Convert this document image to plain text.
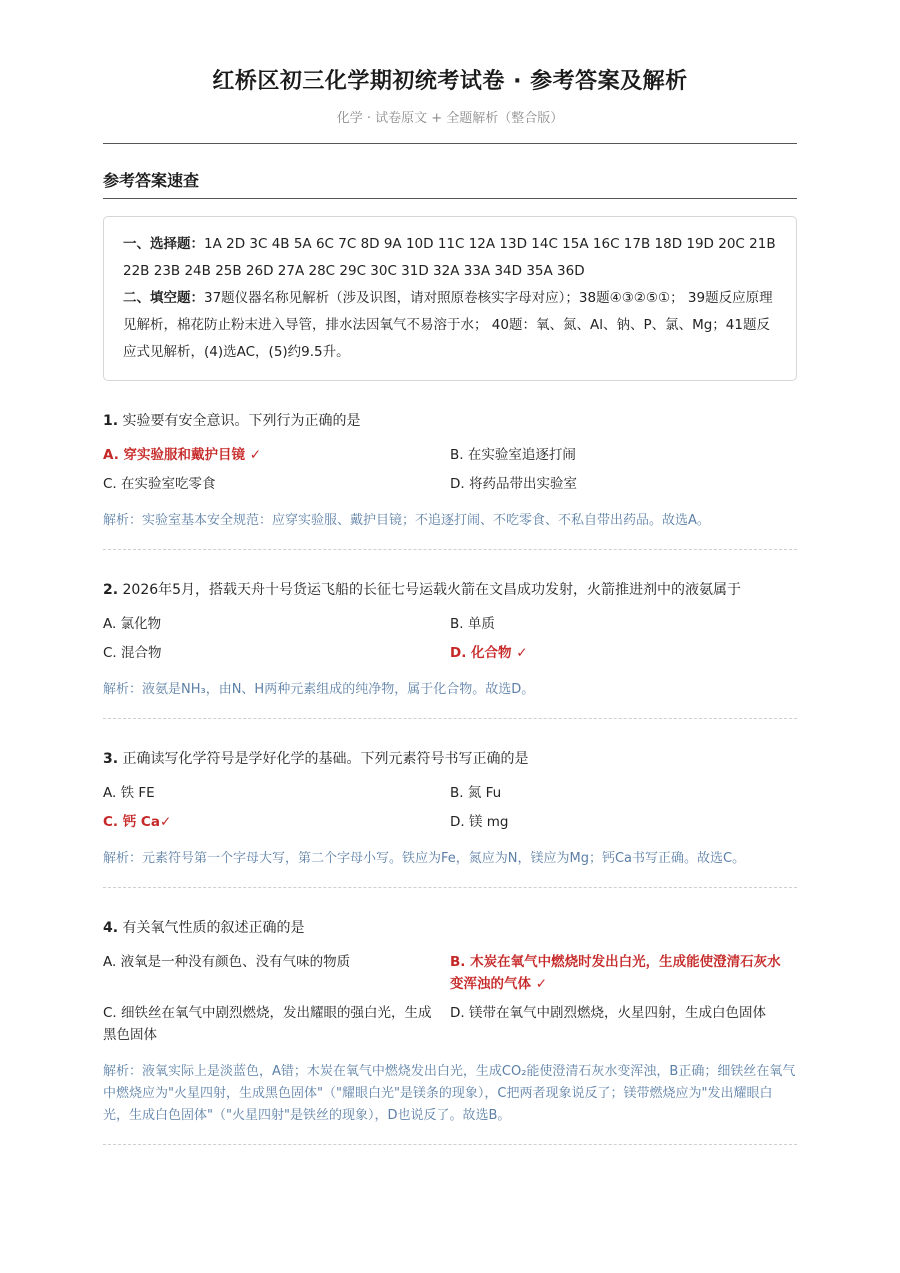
红桥区初三化学期初统考试卷 · 参考答案及解析
化学 · 试卷原文 + 全题解析（整合版）
参考答案速查
一、选择题：1A 2D 3C 4B 5A 6C 7C 8D 9A 10D 11C 12A 13D 14C 15A 16C 17B 18D 19D 20C 21B 22B 23B 24B 25B 26D 27A 28C 29C 30C 31D 32A 33A 34D 35A 36D
二、填空题：37题仪器名称见解析（涉及识图，请对照原卷核实字母对应）；38题④③②⑤①； 39题反应原理见解析，棉花防止粉末进入导管，排水法因氧气不易溶于水； 40题：氧、氮、Al、钠、P、氯、Mg；41题反应式见解析，(4)选AC，(5)约9.5升。
1. 实验要有安全意识。下列行为正确的是
A. 穿实验服和戴护目镜 ✓	B. 在实验室追逐打闹
C. 在实验室吃零食	D. 将药品带出实验室
解析：实验室基本安全规范：应穿实验服、戴护目镜；不追逐打闹、不吃零食、不私自带出药品。故选A。
2. 2026年5月，搭载天舟十号货运飞船的长征七号运载火箭在文昌成功发射，火箭推进剂中的液氨属于
A. 氯化物	B. 单质
C. 混合物	D. 化合物 ✓
解析：液氨是NH₃，由N、H两种元素组成的纯净物，属于化合物。故选D。
3. 正确读写化学符号是学好化学的基础。下列元素符号书写正确的是
A. 铁 FE	B. 氮 Fu
C. 钙 Ca✓	D. 镁 mg
解析：元素符号第一个字母大写，第二个字母小写。铁应为Fe，氮应为N，镁应为Mg；钙Ca书写正确。故选C。
4. 有关氧气性质的叙述正确的是
A. 液氧是一种没有颜色、没有气味的物质	B. 木炭在氧气中燃烧时发出白光，生成能使澄清石灰水变浑浊的气体 ✓
C. 细铁丝在氧气中剧烈燃烧，发出耀眼的强白光，生成黑色固体
D. 镁带在氧气中剧烈燃烧，火星四射，生成白色固体
解析：液氧实际上是淡蓝色，A错；木炭在氧气中燃烧发出白光，生成CO₂能使澄清石灰水变浑浊，B正确；细铁丝在氧气中燃烧应为"火星四射，生成黑色固体"（"耀眼白光"是镁条的现象），C把两者现象说反了；镁带燃烧应为"发出耀眼白光，生成白色固体"（"火星四射"是铁丝的现象），D也说反了。故选B。
